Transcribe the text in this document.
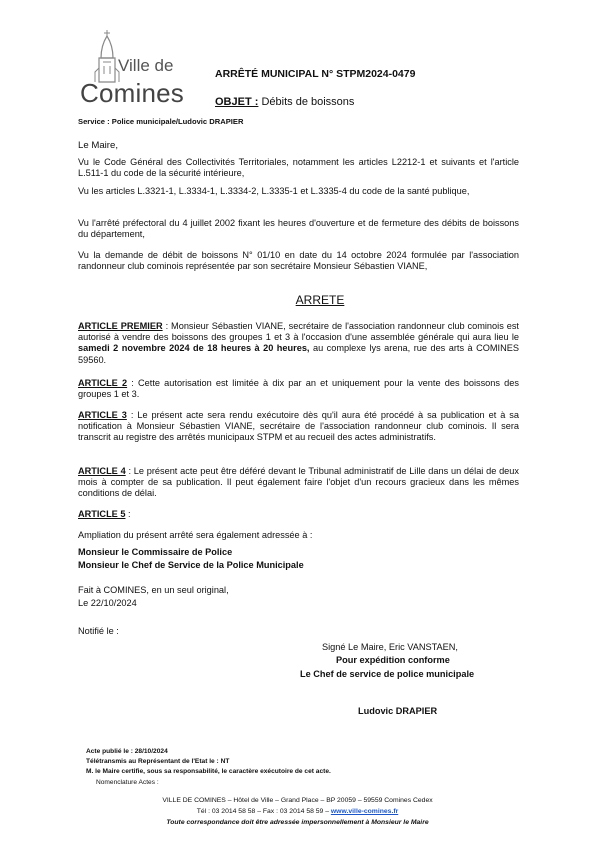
Ville de
Comines
ARRÊTÉ MUNICIPAL N° STPM2024-0479
OBJET : Débits de boissons
Service : Police municipale/Ludovic DRAPIER
Le Maire,
Vu le Code Général des Collectivités Territoriales, notamment les articles L2212-1 et suivants et l'article L.511-1 du code de la sécurité intérieure,
Vu les articles L.3321-1, L.3334-1, L.3334-2, L.3335-1 et L.3335-4 du code de la santé publique,
Vu l'arrêté préfectoral du 4 juillet 2002 fixant les heures d'ouverture et de fermeture des débits de boissons du département,
Vu la demande de débit de boissons N° 01/10 en date du 14 octobre 2024 formulée par l'association randonneur club cominois représentée par son secrétaire Monsieur Sébastien VIANE,
ARRETE
ARTICLE PREMIER : Monsieur Sébastien VIANE, secrétaire de l'association randonneur club cominois est autorisé à vendre des boissons des groupes 1 et 3 à l'occasion d'une assemblée générale qui aura lieu le samedi 2 novembre 2024 de 18 heures à 20 heures, au complexe lys arena, rue des arts à COMINES 59560.
ARTICLE 2 : Cette autorisation est limitée à dix par an et uniquement pour la vente des boissons des groupes 1 et 3.
ARTICLE 3 : Le présent acte sera rendu exécutoire dès qu'il aura été procédé à sa publication et à sa notification à Monsieur Sébastien VIANE, secrétaire de l'association randonneur club cominois. Il sera transcrit au registre des arrêtés municipaux STPM et au recueil des actes administratifs.
ARTICLE 4 : Le présent acte peut être déféré devant le Tribunal administratif de Lille dans un délai de deux mois à compter de sa publication. Il peut également faire l'objet d'un recours gracieux dans les mêmes conditions de délai.
ARTICLE 5 :
Ampliation du présent arrêté sera également adressée à :
Monsieur le Commissaire de Police
Monsieur le Chef de Service de la Police Municipale
Fait à COMINES, en un seul original,
Le 22/10/2024
Notifié le :
Signé Le Maire, Eric VANSTAEN,
Pour expédition conforme
Le Chef de service de police municipale
Ludovic DRAPIER
Acte publié le : 28/10/2024
Télétransmis au Représentant de l'Etat le : NT
M. le Maire certifie, sous sa responsabilité, le caractère exécutoire de cet acte.
Nomenclature Actes :
VILLE DE COMINES – Hôtel de Ville – Grand Place – BP 20059 – 59559 Comines Cedex
Tél : 03 2014 58 58 – Fax : 03 2014 58 59 – www.ville-comines.fr
Toute correspondance doit être adressée impersonnellement à Monsieur le Maire
